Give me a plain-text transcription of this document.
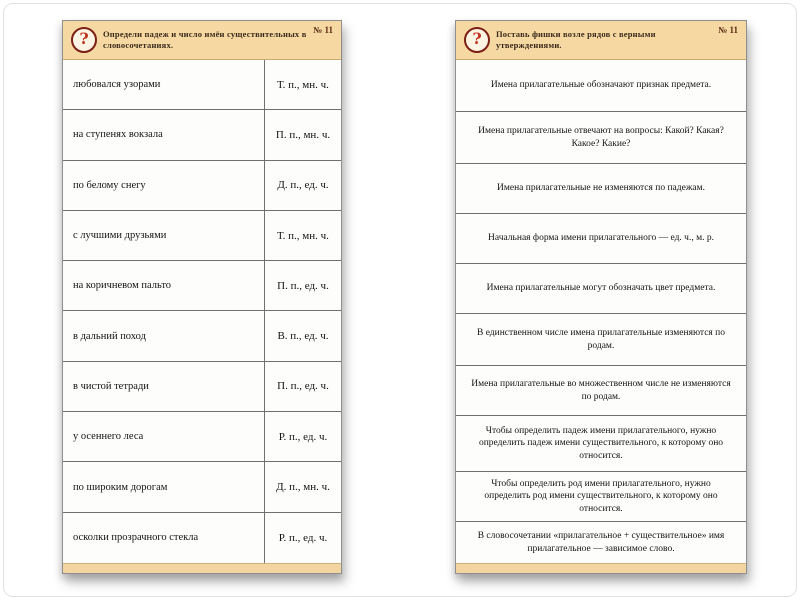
?	Определи падеж и число имён существительных в словосочетаниях.
№ 11
любовался узорами	Т. п., мн. ч.
на ступенях вокзала	П. п., мн. ч.
по белому снегу	Д. п., ед. ч.
с лучшими друзьями	Т. п., мн. ч.
на коричневом пальто	П. п., ед. ч.
в дальний поход	В. п., ед. ч.
в чистой тетради	П. п., ед. ч.
у осеннего леса	Р. п., ед. ч.
по широким дорогам	Д. п., мн. ч.
осколки прозрачного стекла	Р. п., ед. ч.
?	Поставь фишки возле рядов с верными утверждениями.
№ 11
Имена прилагательные обозначают признак предмета.
Имена прилагательные отвечают на вопросы: Какой? Какая? Какое? Какие?
Имена прилагательные не изменяются по падежам.
Начальная форма имени прилагательного — ед. ч., м. р.
Имена прилагательные могут обозначать цвет предмета.
В единственном числе имена прилагательные изменяются по родам.
Имена прилагательные во множественном числе не изменяются по родам.
Чтобы определить падеж имени прилагательного, нужно определить падеж имени существительного, к которому оно относится.
Чтобы определить род имени прилагательного, нужно определить род имени существительного, к которому оно относится.
В словосочетании «прилагательное + существительное» имя прилагательное — зависимое слово.
